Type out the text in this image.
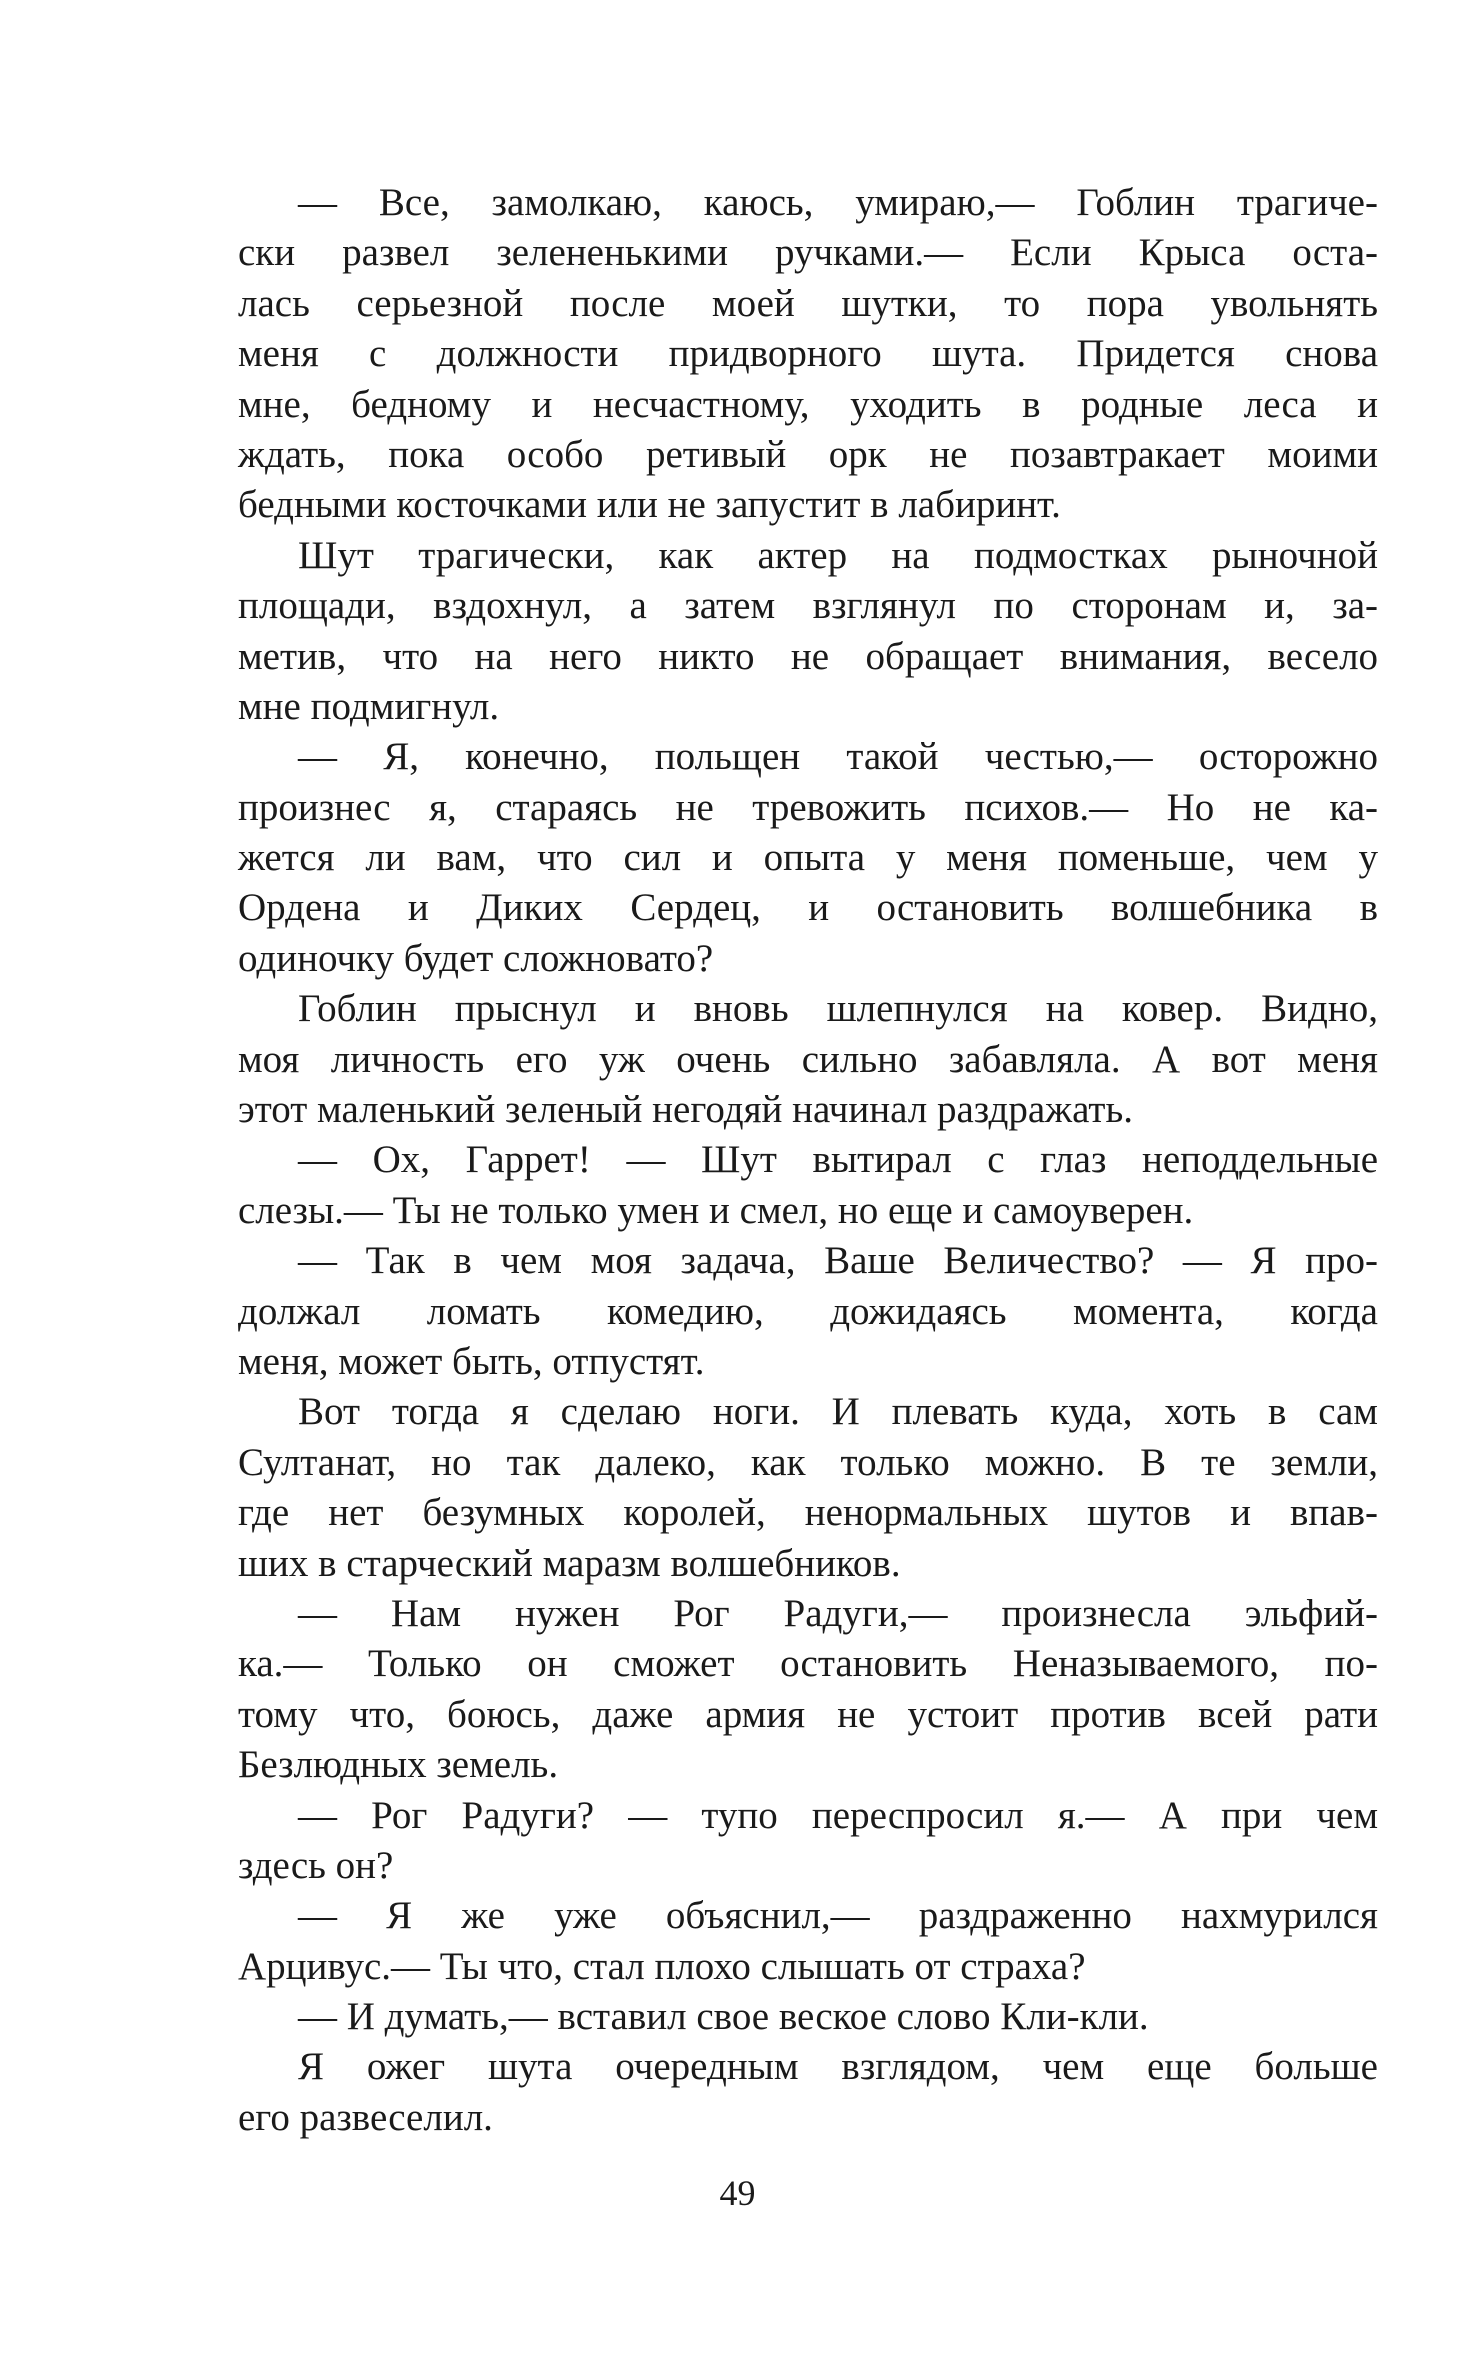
— Все, замолкаю, каюсь, умираю,— Гоблин трагиче-
ски развел зелененькими ручками.— Если Крыса оста-
лась серьезной после моей шутки, то пора увольнять
меня с должности придворного шута. Придется снова
мне, бедному и несчастному, уходить в родные леса и
ждать, пока особо ретивый орк не позавтракает моими
бедными косточками или не запустит в лабиринт.
Шут трагически, как актер на подмостках рыночной
площади, вздохнул, а затем взглянул по сторонам и, за-
метив, что на него никто не обращает внимания, весело
мне подмигнул.
— Я, конечно, польщен такой честью,— осторожно
произнес я, стараясь не тревожить психов.— Но не ка-
жется ли вам, что сил и опыта у меня поменьше, чем у
Ордена и Диких Сердец, и остановить волшебника в
одиночку будет сложновато?
Гоблин прыснул и вновь шлепнулся на ковер. Видно,
моя личность его уж очень сильно забавляла. А вот меня
этот маленький зеленый негодяй начинал раздражать.
— Ох, Гаррет! — Шут вытирал с глаз неподдельные
слезы.— Ты не только умен и смел, но еще и самоуверен.
— Так в чем моя задача, Ваше Величество? — Я про-
должал ломать комедию, дожидаясь момента, когда
меня, может быть, отпустят.
Вот тогда я сделаю ноги. И плевать куда, хоть в сам
Султанат, но так далеко, как только можно. В те земли,
где нет безумных королей, ненормальных шутов и впав-
ших в старческий маразм волшебников.
— Нам нужен Рог Радуги,— произнесла эльфий-
ка.— Только он сможет остановить Неназываемого, по-
тому что, боюсь, даже армия не устоит против всей рати
Безлюдных земель.
— Рог Радуги? — тупо переспросил я.— А при чем
здесь он?
— Я же уже объяснил,— раздраженно нахмурился
Арцивус.— Ты что, стал плохо слышать от страха?
— И думать,— вставил свое веское слово Кли-кли.
Я ожег шута очередным взглядом, чем еще больше
его развеселил.
49
